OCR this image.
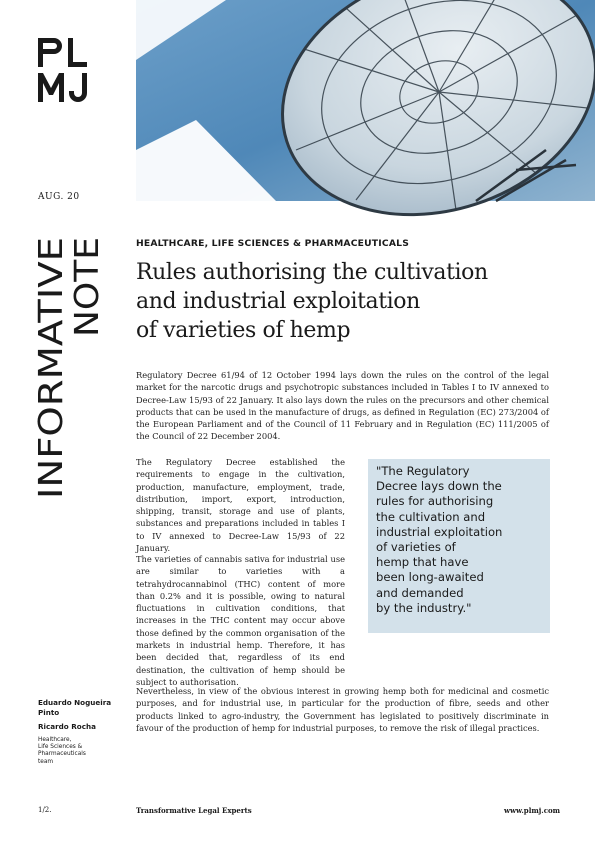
AUG. 20
INFORMATIVE
NOTE
HEALTHCARE, LIFE SCIENCES & PHARMACEUTICALS
Rules authorising the cultivation
and industrial exploitation
of varieties of hemp

Regulatory Decree 61/94 of 12 October 1994 lays down the rules on the control of the legal market for the narcotic drugs and psychotropic substances included in Tables I to IV annexed to Decree-Law 15/93 of 22 January. It also lays down the rules on the precursors and other chemical products that can be used in the manufacture of drugs, as defined in Regulation (EC) 273/2004 of the European Parliament and of the Council of 11 February and in Regulation (EC) 111/2005 of the Council of 22 December 2004.

The Regulatory Decree established the requirements to engage in the cultivation, production, manufacture, employment, trade, distribution, import, export, introduction, shipping, transit, storage and use of plants, substances and preparations included in tables I to IV annexed to Decree-Law 15/93 of 22 January.

The varieties of cannabis sativa for industrial use are similar to varieties with a tetrahydrocannabinol (THC) content of more than 0.2% and it is possible, owing to natural fluctuations in cultivation conditions, that increases in the THC content may occur above those defined by the common organisation of the markets in industrial hemp. Therefore, it has been decided that, regardless of its end destination, the cultivation of hemp should be subject to authorisation.

"The Regulatory
Decree lays down the
rules for authorising
the cultivation and
industrial exploitation
of varieties of
hemp that have
been long-awaited
and demanded
by the industry."

Nevertheless, in view of the obvious interest in growing hemp both for medicinal and cosmetic purposes, and for industrial use, in particular for the production of fibre, seeds and other products linked to agro-industry, the Government has legislated to positively discriminate in favour of the production of hemp for industrial purposes, to remove the risk of illegal practices.

Eduardo Nogueira Pinto
Ricardo Rocha
Healthcare,
Life Sciences &
Pharmaceuticals
team
1/2.	Transformative Legal Experts	www.plmj.com
